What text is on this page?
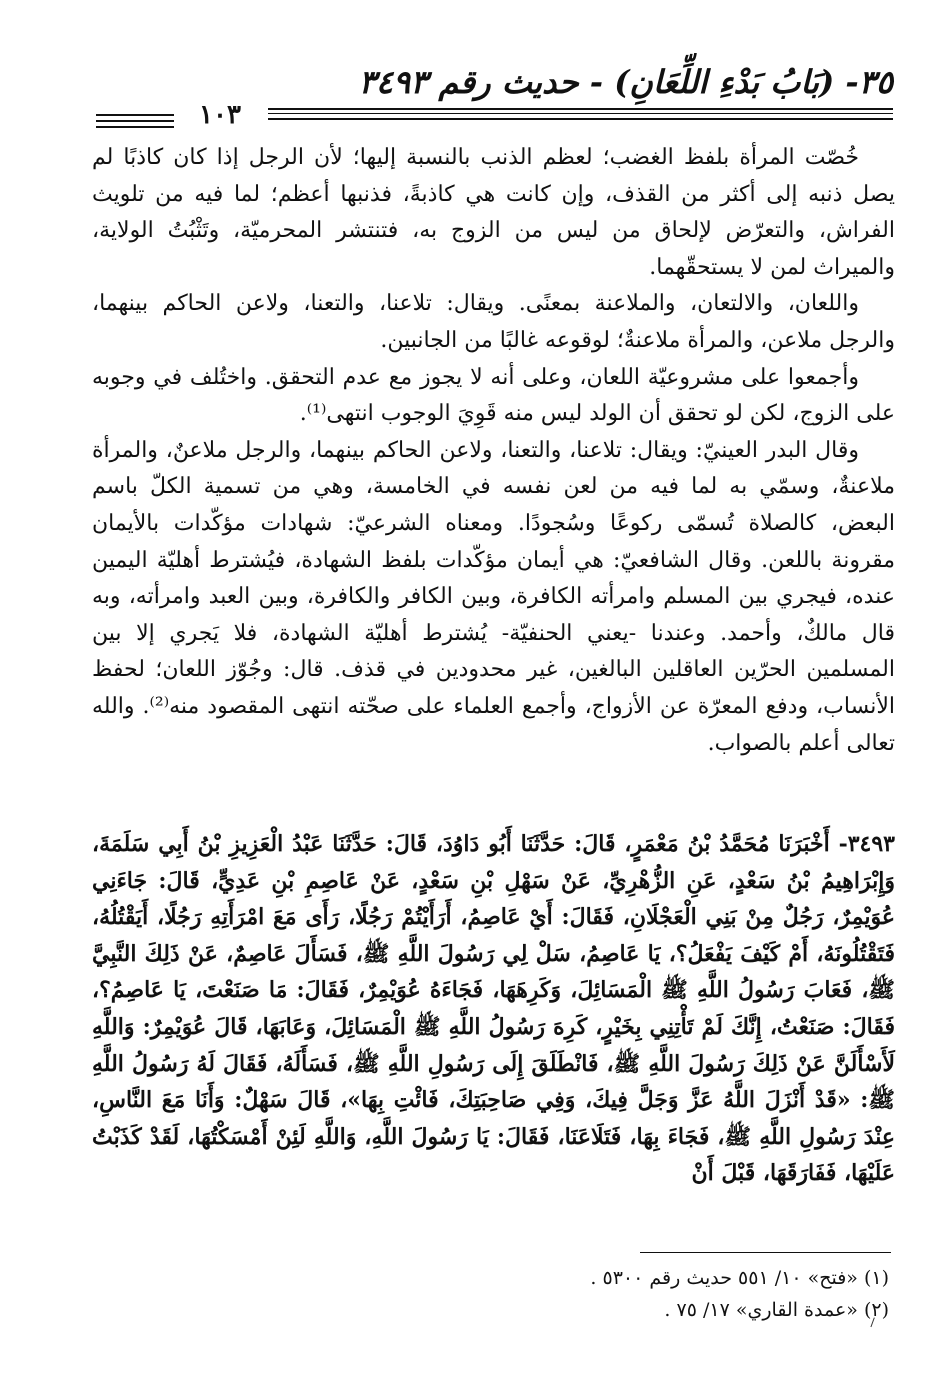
٣٥- (بَابُ بَدْءِ اللِّعَانِ) - حديث رقم ٣٤٩٣
١٠٣

خُصّت المرأة بلفظ الغضب؛ لعظم الذنب بالنسبة إليها؛ لأن الرجل إذا كان كاذبًا لم يصل ذنبه إلى أكثر من القذف، وإن كانت هي كاذبةً، فذنبها أعظم؛ لما فيه من تلويث الفراش، والتعرّض لإلحاق من ليس من الزوج به، فتنتشر المحرميّة، وتَثْبُتُ الولاية، والميراث لمن لا يستحقّهما.

واللعان، والالتعان، والملاعنة بمعنًى. ويقال: تلاعنا، والتعنا، ولاعن الحاكم بينهما، والرجل ملاعن، والمرأة ملاعنةٌ؛ لوقوعه غالبًا من الجانبين.

وأجمعوا على مشروعيّة اللعان، وعلى أنه لا يجوز مع عدم التحقق. واختُلف في وجوبه على الزوج، لكن لو تحقق أن الولد ليس منه قَوِيَ الوجوب انتهى⁽¹⁾.

وقال البدر العينيّ: ويقال: تلاعنا، والتعنا، ولاعن الحاكم بينهما، والرجل ملاعنٌ، والمرأة ملاعنةٌ، وسمّي به لما فيه من لعن نفسه في الخامسة، وهي من تسمية الكلّ باسم البعض، كالصلاة تُسمّى ركوعًا وسُجودًا. ومعناه الشرعيّ: شهادات مؤكّدات بالأيمان مقرونة باللعن. وقال الشافعيّ: هي أيمان مؤكّدات بلفظ الشهادة، فيُشترط أهليّة اليمين عنده، فيجري بين المسلم وامرأته الكافرة، وبين الكافر والكافرة، وبين العبد وامرأته، وبه قال مالكٌ، وأحمد. وعندنا -يعني الحنفيّة- يُشترط أهليّة الشهادة، فلا يَجري إلا بين المسلمين الحرّين العاقلين البالغين، غير محدودين في قذف. قال: وجُوّز اللعان؛ لحفظ الأنساب، ودفع المعرّة عن الأزواج، وأجمع العلماء على صحّته انتهى المقصود منه⁽²⁾. والله تعالى أعلم بالصواب.

٣٤٩٣- أَخْبَرَنَا مُحَمَّدُ بْنُ مَعْمَرٍ، قَالَ: حَدَّثَنَا أَبُو دَاوُدَ، قَالَ: حَدَّثَنَا عَبْدُ الْعَزِيزِ بْنُ أَبِي سَلَمَةَ، وَإِبْرَاهِيمُ بْنُ سَعْدٍ، عَنِ الزُّهْرِيِّ، عَنْ سَهْلِ بْنِ سَعْدٍ، عَنْ عَاصِمِ بْنِ عَدِيٍّ، قَالَ: جَاءَنِي عُوَيْمِرٌ، رَجُلٌ مِنْ بَنِي الْعَجْلَانِ، فَقَالَ: أَيْ عَاصِمُ، أَرَأَيْتُمْ رَجُلًا، رَأَى مَعَ امْرَأَتِهِ رَجُلًا، أَيَقْتُلُهُ، فَتَقْتُلُونَهُ، أَمْ كَيْفَ يَفْعَلُ؟، يَا عَاصِمُ، سَلْ لِي رَسُولَ اللَّهِ ﷺ، فَسَأَلَ عَاصِمٌ، عَنْ ذَلِكَ النَّبِيَّ ﷺ، فَعَابَ رَسُولُ اللَّهِ ﷺ الْمَسَائِلَ، وَكَرِهَهَا، فَجَاءَهُ عُوَيْمِرٌ، فَقَالَ: مَا صَنَعْتَ، يَا عَاصِمُ؟، فَقَالَ: صَنَعْتُ، إِنَّكَ لَمْ تَأْتِنِي بِخَيْرٍ، كَرِهَ رَسُولُ اللَّهِ ﷺ الْمَسَائِلَ، وَعَابَهَا، قَالَ عُوَيْمِرٌ: وَاللَّهِ لَأَسْأَلَنَّ عَنْ ذَلِكَ رَسُولَ اللَّهِ ﷺ، فَانْطَلَقَ إِلَى رَسُولِ اللَّهِ ﷺ، فَسَأَلَهُ، فَقَالَ لَهُ رَسُولُ اللَّهِ ﷺ: «قَدْ أَنْزَلَ اللَّهُ عَزَّ وَجَلَّ فِيكَ، وَفِي صَاحِبَتِكَ، فَائْتِ بِهَا»، قَالَ سَهْلٌ: وَأَنَا مَعَ النَّاسِ، عِنْدَ رَسُولِ اللَّهِ ﷺ، فَجَاءَ بِهَا، فَتَلَاعَنَا، فَقَالَ: يَا رَسُولَ اللَّهِ، وَاللَّهِ لَئِنْ أَمْسَكْتُهَا، لَقَدْ كَذَبْتُ عَلَيْهَا، فَفَارَقَهَا، قَبْلَ أَنْ

(١) «فتح» ١٠/ ٥٥١ حديث رقم ٥٣٠٠ .
(٢) «عمدة القاري» ١٧/ ٧٥ .
